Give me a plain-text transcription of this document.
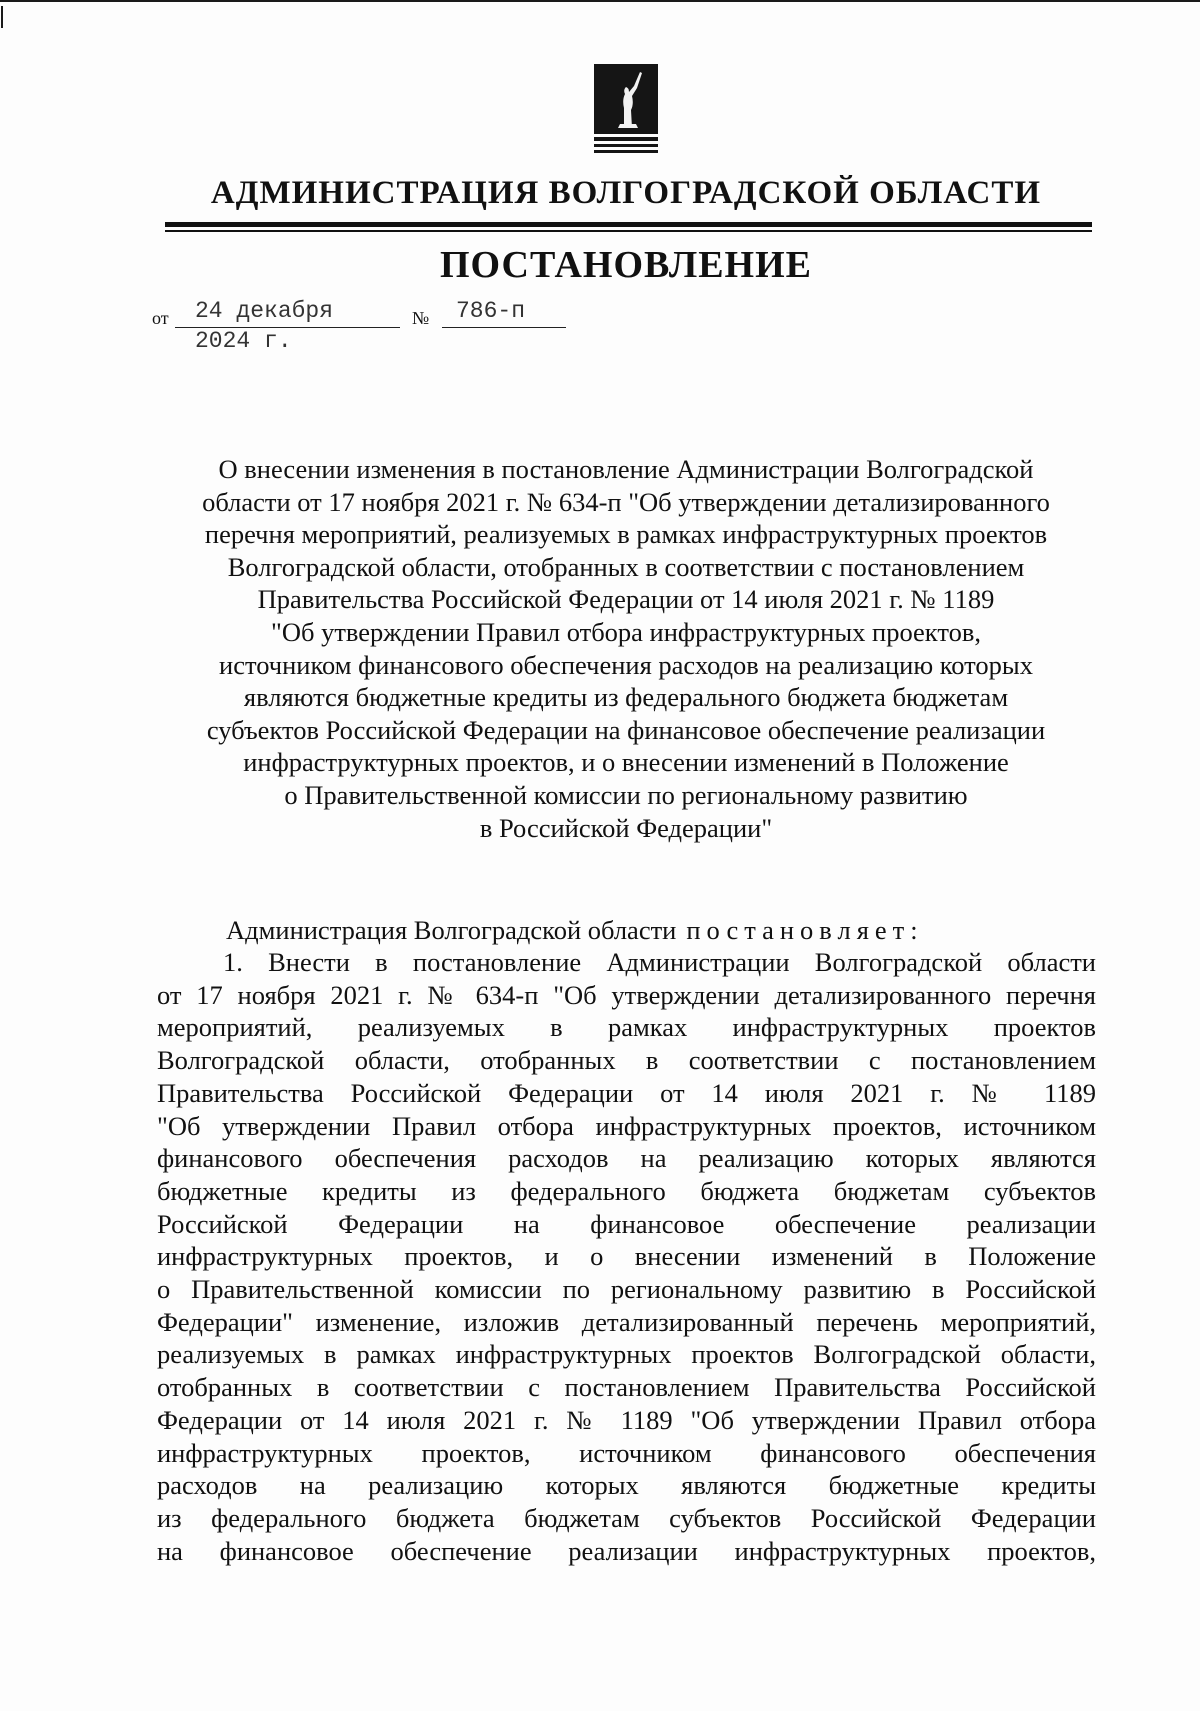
АДМИНИСТРАЦИЯ ВОЛГОГРАДСКОЙ ОБЛАСТИ
ПОСТАНОВЛЕНИЕ
от	24 декабря 2024 г.
№	786-п

О внесении изменения в постановление Администрации Волгоградской
области от 17 ноября 2021 г. № 634-п "Об утверждении детализированного
перечня мероприятий, реализуемых в рамках инфраструктурных проектов
Волгоградской области, отобранных в соответствии с постановлением
Правительства Российской Федерации от 14 июля 2021 г. № 1189
"Об утверждении Правил отбора инфраструктурных проектов,
источником финансового обеспечения расходов на реализацию которых
являются бюджетные кредиты из федерального бюджета бюджетам
субъектов Российской Федерации на финансовое обеспечение реализации
инфраструктурных проектов, и о внесении изменений в Положение
о Правительственной комиссии по региональному развитию
в Российской Федерации"

Администрация Волгоградской области постановляет:

1. Внести в постановление Администрации Волгоградской области
от 17 ноября 2021 г. № 634-п "Об утверждении детализированного перечня
мероприятий, реализуемых в рамках инфраструктурных проектов
Волгоградской области, отобранных в соответствии с постановлением
Правительства Российской Федерации от 14 июля 2021 г. № 1189
"Об утверждении Правил отбора инфраструктурных проектов, источником
финансового обеспечения расходов на реализацию которых являются
бюджетные кредиты из федерального бюджета бюджетам субъектов
Российской Федерации на финансовое обеспечение реализации
инфраструктурных проектов, и о внесении изменений в Положение
о Правительственной комиссии по региональному развитию в Российской
Федерации" изменение, изложив детализированный перечень мероприятий,
реализуемых в рамках инфраструктурных проектов Волгоградской области,
отобранных в соответствии с постановлением Правительства Российской
Федерации от 14 июля 2021 г. № 1189 "Об утверждении Правил отбора
инфраструктурных проектов, источником финансового обеспечения
расходов на реализацию которых являются бюджетные кредиты
из федерального бюджета бюджетам субъектов Российской Федерации
на финансовое обеспечение реализации инфраструктурных проектов,
